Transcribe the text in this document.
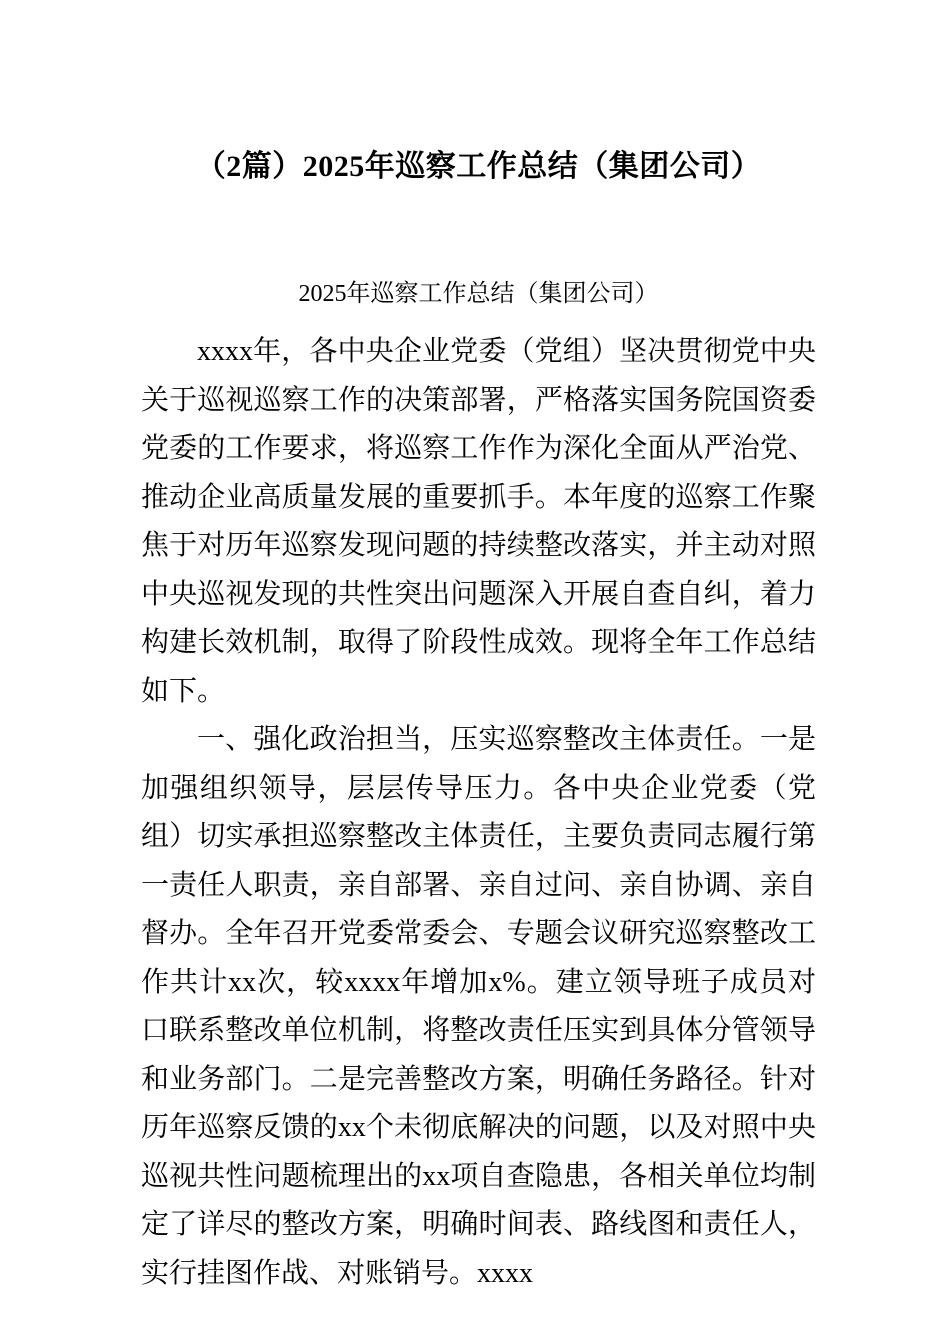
（2篇）2025年巡察工作总结（集团公司）
2025年巡察工作总结（集团公司）

xxxx年，各中央企业党委（党组）坚决贯彻党中央关于巡视巡察工作的决策部署，严格落实国务院国资委党委的工作要求，将巡察工作作为深化全面从严治党、推动企业高质量发展的重要抓手。本年度的巡察工作聚焦于对历年巡察发现问题的持续整改落实，并主动对照中央巡视发现的共性突出问题深入开展自查自纠，着力构建长效机制，取得了阶段性成效。现将全年工作总结如下。

一、强化政治担当，压实巡察整改主体责任。一是加强组织领导，层层传导压力。各中央企业党委（党组）切实承担巡察整改主体责任，主要负责同志履行第一责任人职责，亲自部署、亲自过问、亲自协调、亲自督办。全年召开党委常委会、专题会议研究巡察整改工作共计xx次，较xxxx年增加x%。建立领导班子成员对口联系整改单位机制，将整改责任压实到具体分管领导和业务部门。二是完善整改方案，明确任务路径。针对历年巡察反馈的xx个未彻底解决的问题，以及对照中央巡视共性问题梳理出的xx项自查隐患，各相关单位均制定了详尽的整改方案，明确时间表、路线图和责任人，实行挂图作战、对账销号。xxxx
